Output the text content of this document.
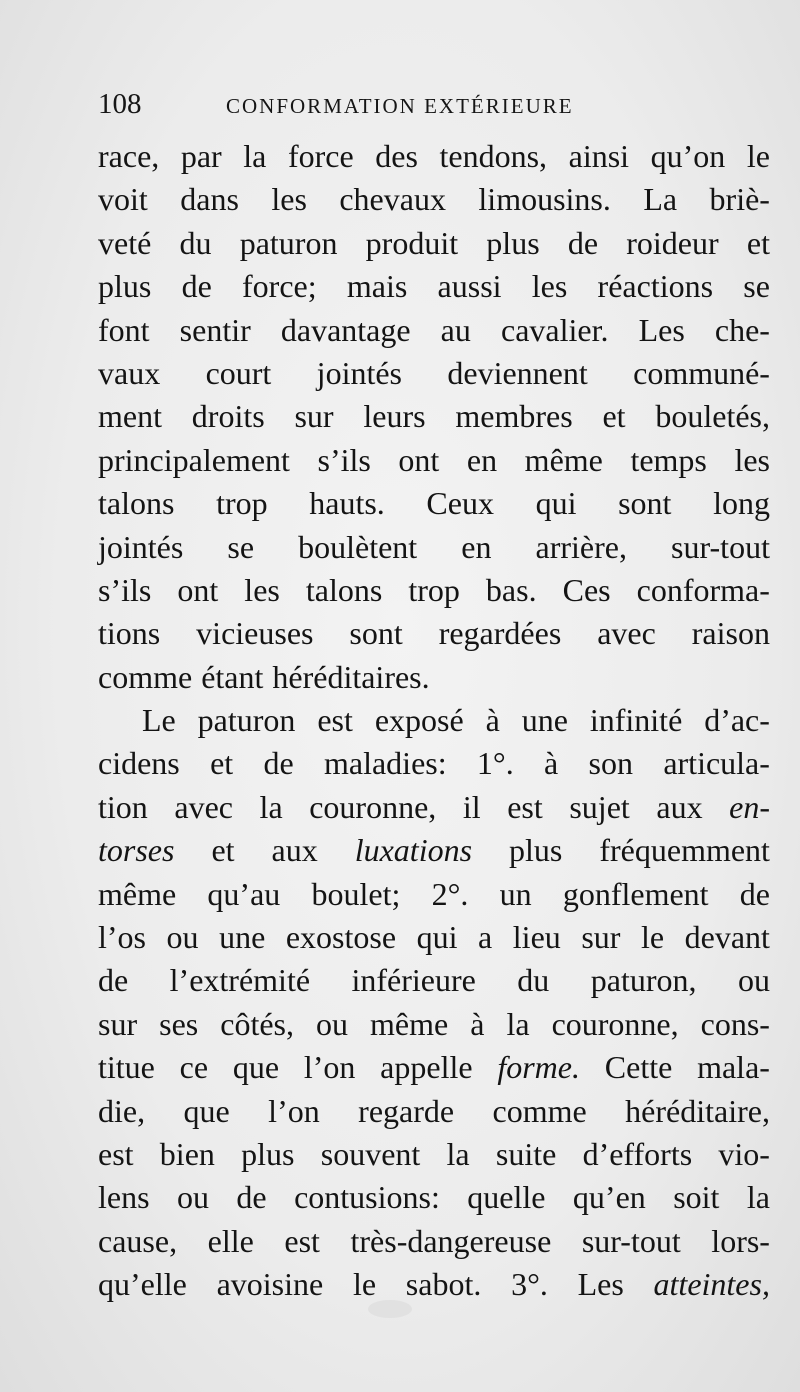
108	CONFORMATION EXTÉRIEURE
race, par la force des tendons, ainsi qu’on le
voit dans les chevaux limousins. La briè-
veté du paturon produit plus de roideur et
plus de force; mais aussi les réactions se
font sentir davantage au cavalier. Les che-
vaux court jointés deviennent communé-
ment droits sur leurs membres et bouletés,
principalement s’ils ont en même temps les
talons trop hauts. Ceux qui sont long
jointés se boulètent en arrière, sur-tout
s’ils ont les talons trop bas. Ces conforma-
tions vicieuses sont regardées avec raison
comme étant héréditaires.
Le paturon est exposé à une infinité d’ac-
cidens et de maladies: 1°. à son articula-
tion avec la couronne, il est sujet aux en-
torses et aux luxations plus fréquemment
même qu’au boulet; 2°. un gonflement de
l’os ou une exostose qui a lieu sur le devant
de l’extrémité inférieure du paturon, ou
sur ses côtés, ou même à la couronne, cons-
titue ce que l’on appelle forme. Cette mala-
die, que l’on regarde comme héréditaire,
est bien plus souvent la suite d’efforts vio-
lens ou de contusions: quelle qu’en soit la
cause, elle est très-dangereuse sur-tout lors-
qu’elle avoisine le sabot. 3°. Les atteintes,
